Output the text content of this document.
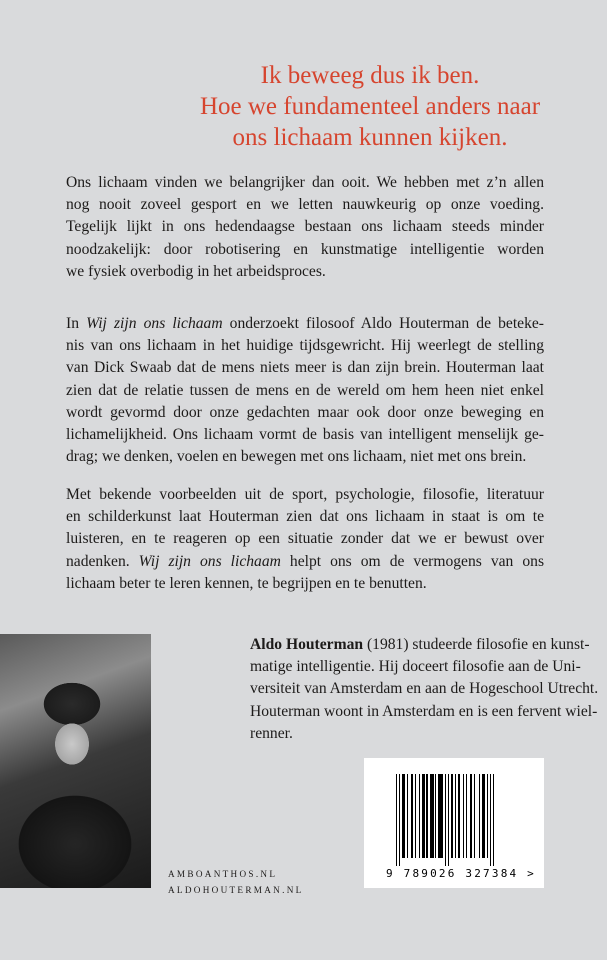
Ik beweeg dus ik ben.
Hoe we fundamenteel anders naar
ons lichaam kunnen kijken.
Ons lichaam vinden we belangrijker dan ooit. We hebben met z’n allen
nog nooit zoveel gesport en we letten nauwkeurig op onze voeding.
Tegelijk lijkt in ons hedendaagse bestaan ons lichaam steeds minder
noodzakelijk: door robotisering en kunstmatige intelligentie worden
we fysiek overbodig in het arbeidsproces.
In Wij zijn ons lichaam onderzoekt filosoof Aldo Houterman de beteke-
nis van ons lichaam in het huidige tijdsgewricht. Hij weerlegt de stelling
van Dick Swaab dat de mens niets meer is dan zijn brein. Houterman laat
zien dat de relatie tussen de mens en de wereld om hem heen niet enkel
wordt gevormd door onze gedachten maar ook door onze beweging en
lichamelijkheid. Ons lichaam vormt de basis van intelligent menselijk ge-
drag; we denken, voelen en bewegen met ons lichaam, niet met ons brein.
Met bekende voorbeelden uit de sport, psychologie, filosofie, literatuur
en schilderkunst laat Houterman zien dat ons lichaam in staat is om te
luisteren, en te reageren op een situatie zonder dat we er bewust over
nadenken. Wij zijn ons lichaam helpt ons om de vermogens van ons
lichaam beter te leren kennen, te begrijpen en te benutten.
Aldo Houterman (1981) studeerde filosofie en kunst-
matige intelligentie. Hij doceert filosofie aan de Uni-
versiteit van Amsterdam en aan de Hogeschool Utrecht.
Houterman woont in Amsterdam en is een fervent wiel-
renner.
AMBOANTHOS.NL
ALDOHOUTERMAN.NL
9 789026 327384 >
